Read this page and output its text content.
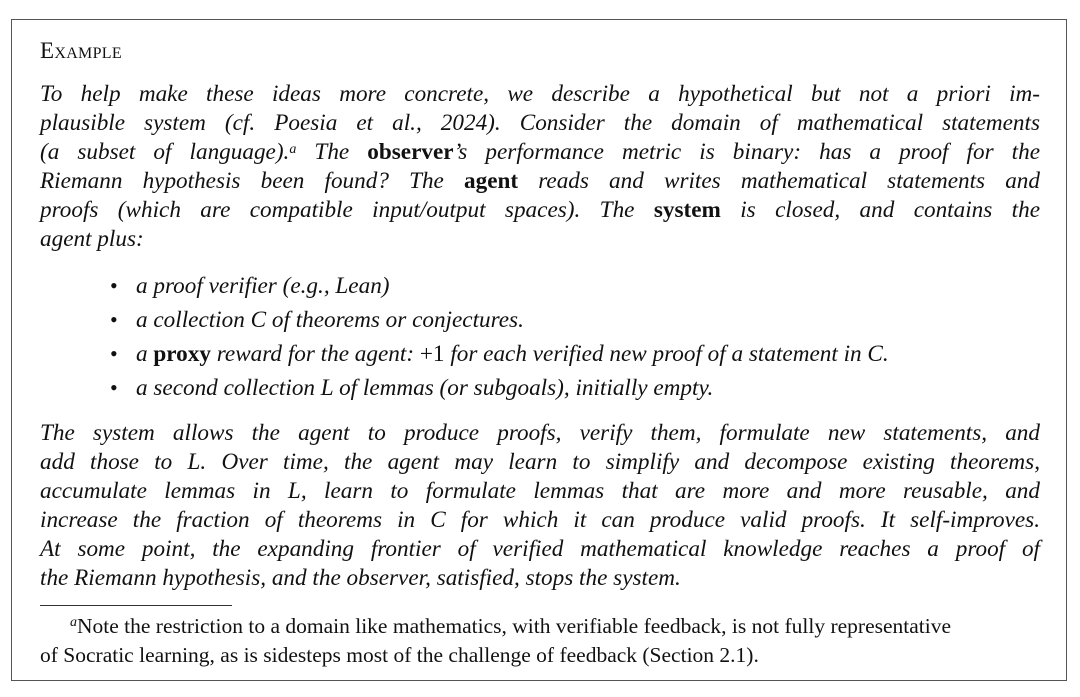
Example
To help make these ideas more concrete, we describe a hypothetical but not a priori im-
plausible system (cf. Poesia et al., 2024). Consider the domain of mathematical statements
(a subset of language).$^a$ The observer’s performance metric is binary: has a proof for the
Riemann hypothesis been found? The agent reads and writes mathematical statements and
proofs (which are compatible input/output spaces). The system is closed, and contains the
agent plus:
• a proof verifier (e.g., Lean)
• a collection C of theorems or conjectures.
• a proxy reward for the agent: +1 for each verified new proof of a statement in C.
• a second collection L of lemmas (or subgoals), initially empty.
The system allows the agent to produce proofs, verify them, formulate new statements, and
add those to L. Over time, the agent may learn to simplify and decompose existing theorems,
accumulate lemmas in L, learn to formulate lemmas that are more and more reusable, and
increase the fraction of theorems in C for which it can produce valid proofs. It self-improves.
At some point, the expanding frontier of verified mathematical knowledge reaches a proof of
the Riemann hypothesis, and the observer, satisfied, stops the system.
$^a$Note the restriction to a domain like mathematics, with verifiable feedback, is not fully representative
of Socratic learning, as is sidesteps most of the challenge of feedback (Section 2.1).
